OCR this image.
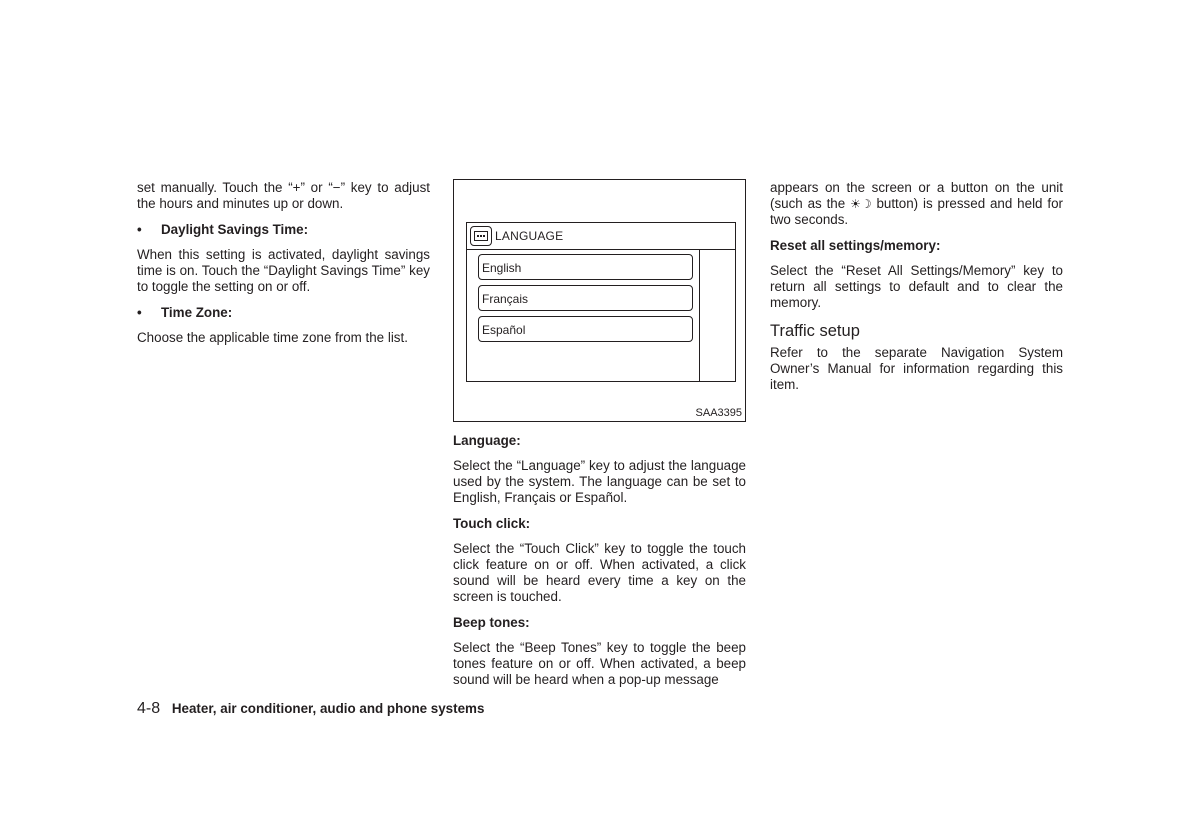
set manually. Touch the “+” or “−” key to adjust the hours and minutes up or down.

•	Daylight Savings Time:

When this setting is activated, daylight savings time is on. Touch the “Daylight Savings Time” key to toggle the setting on or off.

•	Time Zone:

Choose the applicable time zone from the list.

LANGUAGE
English
Français
Español
SAA3395
Language:

Select the “Language” key to adjust the language used by the system. The language can be set to English, Français or Español.

Touch click:

Select the “Touch Click” key to toggle the touch click feature on or off. When activated, a click sound will be heard every time a key on the screen is touched.

Beep tones:

Select the “Beep Tones” key to toggle the beep tones feature on or off. When activated, a beep sound will be heard when a pop-up message

appears on the screen or a button on the unit (such as the ☀☽ button) is pressed and held for two seconds.

Reset all settings/memory:

Select the “Reset All Settings/Memory” key to return all settings to default and to clear the memory.

Traffic setup

Refer to the separate Navigation System Owner’s Manual for information regarding this item.

4-8 Heater, air conditioner, audio and phone systems
